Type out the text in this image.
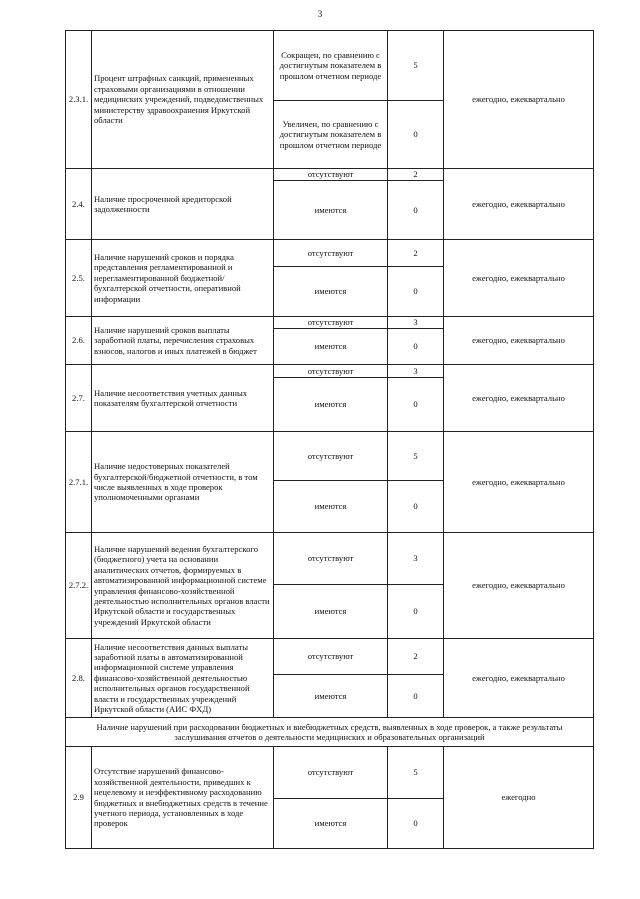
3
2.3.1.	Процент штрафных санкций, примененных страховыми организациями в отношении медицинских учреждений, подведомственных министерству здравоохранения Иркутской области	Сокращен, по сравнению с достигнутым показателем в прошлом отчетном периоде	5	ежегодно, ежеквартально
		Увеличен, по сравнению с достигнутым показателем в прошлом отчетном периоде	0	
2.4.	Наличие просроченной кредиторской задолженности	отсутствуют	2	ежегодно, ежеквартально
		имеются	0	
2.5.	Наличие нарушений сроков и порядка представления регламентированной и нерегламентированной бюджетной/бухгалтерской отчетности, оперативной информации	отсутствуют	2	ежегодно, ежеквартально
		имеются	0	
2.6.	Наличие нарушений сроков выплаты заработной платы, перечисления страховых взносов, налогов и иных платежей в бюджет	отсутствуют	3	ежегодно, ежеквартально
		имеются	0	
2.7.	Наличие несоответствия учетных данных показателям бухгалтерской отчетности	отсутствуют	3	ежегодно, ежеквартально
		имеются	0	
2.7.1.	Наличие недостоверных показателей бухгалтерской/бюджетной отчетности, в том числе выявленных в ходе проверок уполномоченными органами	отсутствуют	5	ежегодно, ежеквартально
		имеются	0	
2.7.2.	Наличие нарушений ведения бухгалтерского (бюджетного) учета на основании аналитических отчетов, формируемых в автоматизированной информационной системе управления финансово-хозяйственной деятельностью исполнительных органов власти Иркутской области и государственных учреждений Иркутской области	отсутствуют	3	ежегодно, ежеквартально
		имеются	0	
2.8.	Наличие несоответствия данных выплаты заработной платы в автоматизированной информационной системе управления финансово-хозяйственной деятельностью исполнительных органов государственной власти и государственных учреждений Иркутской области (АИС ФХД)	отсутствуют	2	ежегодно, ежеквартально
		имеются	0	
Наличие нарушений при расходовании бюджетных и внебюджетных средств, выявленных в ходе проверок, а также результаты заслушивания отчетов о деятельности медицинских и образовательных организаций				
2.9	Отсутствие нарушений финансово-хозяйственной деятельности, приведших к нецелевому и неэффективному расходованию бюджетных и внебюджетных средств в течение учетного периода, установленных в ходе проверок	отсутствуют	5	ежегодно
		имеются	0	
